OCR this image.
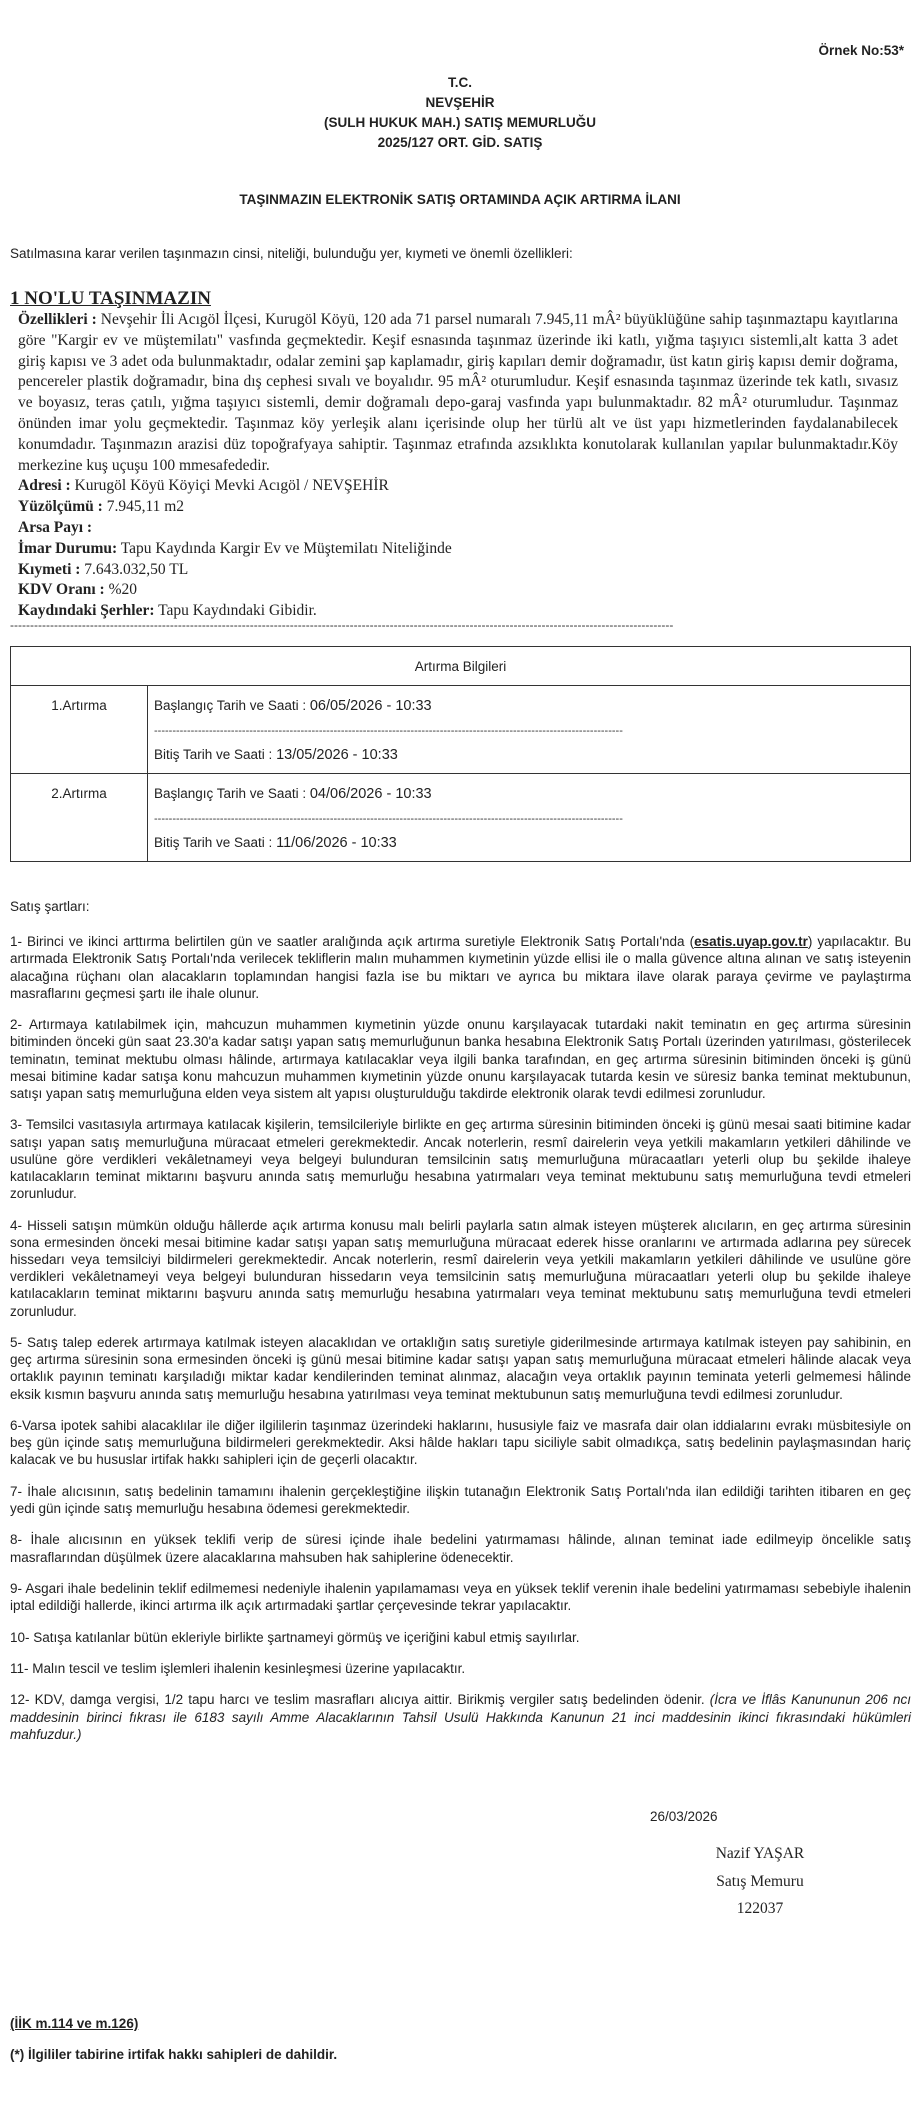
Örnek No:53*
T.C.
NEVŞEHİR
(SULH HUKUK MAH.) SATIŞ MEMURLUĞU
2025/127 ORT. GİD. SATIŞ
TAŞINMAZIN ELEKTRONİK SATIŞ ORTAMINDA AÇIK ARTIRMA İLANI
Satılmasına karar verilen taşınmazın cinsi, niteliği, bulunduğu yer, kıymeti ve önemli özellikleri:
1 NO'LU TAŞINMAZIN
Özellikleri : Nevşehir İli Acıgöl İlçesi, Kurugöl Köyü, 120 ada 71 parsel numaralı 7.945,11 mÂ² büyüklüğüne sahip taşınmaztapu kayıtlarına göre "Kargir ev ve müştemilatı" vasfında geçmektedir. Keşif esnasında taşınmaz üzerinde iki katlı, yığma taşıyıcı sistemli,alt katta 3 adet giriş kapısı ve 3 adet oda bulunmaktadır, odalar zemini şap kaplamadır, giriş kapıları demir doğramadır, üst katın giriş kapısı demir doğrama, pencereler plastik doğramadır, bina dış cephesi sıvalı ve boyalıdır. 95 mÂ² oturumludur. Keşif esnasında taşınmaz üzerinde tek katlı, sıvasız ve boyasız, teras çatılı, yığma taşıyıcı sistemli, demir doğramalı depo-garaj vasfında yapı bulunmaktadır. 82 mÂ² oturumludur. Taşınmaz önünden imar yolu geçmektedir. Taşınmaz köy yerleşik alanı içerisinde olup her türlü alt ve üst yapı hizmetlerinden faydalanabilecek konumdadır. Taşınmazın arazisi düz topoğrafyaya sahiptir. Taşınmaz etrafında azsıklıkta konutolarak kullanılan yapılar bulunmaktadır.Köy merkezine kuş uçuşu 100 mmesafededir.
Adresi : Kurugöl Köyü Köyiçi Mevki Acıgöl / NEVŞEHİR
Yüzölçümü : 7.945,11 m2
Arsa Payı :
İmar Durumu: Tapu Kaydında Kargir Ev ve Müştemilatı Niteliğinde
Kıymeti : 7.643.032,50 TL
KDV Oranı : %20
Kaydındaki Şerhler: Tapu Kaydındaki Gibidir.
----------------------------------------------------------------------------------------------------------------------------------------------------------------------
Artırma Bilgileri	
1.Artırma	Başlangıç Tarih ve Saati : 06/05/2026 - 10:33
--------------------------------------------------------------------------------------------------------------------------------
Bitiş Tarih ve Saati : 13/05/2026 - 10:33

2.Artırma	Başlangıç Tarih ve Saati : 04/06/2026 - 10:33
--------------------------------------------------------------------------------------------------------------------------------
Bitiş Tarih ve Saati : 11/06/2026 - 10:33

Satış şartları:

1- Birinci ve ikinci arttırma belirtilen gün ve saatler aralığında açık artırma suretiyle Elektronik Satış Portalı'nda (esatis.uyap.gov.tr) yapılacaktır. Bu artırmada Elektronik Satış Portalı'nda verilecek tekliflerin malın muhammen kıymetinin yüzde ellisi ile o malla güvence altına alınan ve satış isteyenin alacağına rüçhanı olan alacakların toplamından hangisi fazla ise bu miktarı ve ayrıca bu miktara ilave olarak paraya çevirme ve paylaştırma masraflarını geçmesi şartı ile ihale olunur.

2- Artırmaya katılabilmek için, mahcuzun muhammen kıymetinin yüzde onunu karşılayacak tutardaki nakit teminatın en geç artırma süresinin bitiminden önceki gün saat 23.30'a kadar satışı yapan satış memurluğunun banka hesabına Elektronik Satış Portalı üzerinden yatırılması, gösterilecek teminatın, teminat mektubu olması hâlinde, artırmaya katılacaklar veya ilgili banka tarafından, en geç artırma süresinin bitiminden önceki iş günü mesai bitimine kadar satışa konu mahcuzun muhammen kıymetinin yüzde onunu karşılayacak tutarda kesin ve süresiz banka teminat mektubunun, satışı yapan satış memurluğuna elden veya sistem alt yapısı oluşturulduğu takdirde elektronik olarak tevdi edilmesi zorunludur.

3- Temsilci vasıtasıyla artırmaya katılacak kişilerin, temsilcileriyle birlikte en geç artırma süresinin bitiminden önceki iş günü mesai saati bitimine kadar satışı yapan satış memurluğuna müracaat etmeleri gerekmektedir. Ancak noterlerin, resmî dairelerin veya yetkili makamların yetkileri dâhilinde ve usulüne göre verdikleri vekâletnameyi veya belgeyi bulunduran temsilcinin satış memurluğuna müracaatları yeterli olup bu şekilde ihaleye katılacakların teminat miktarını başvuru anında satış memurluğu hesabına yatırmaları veya teminat mektubunu satış memurluğuna tevdi etmeleri zorunludur.

4- Hisseli satışın mümkün olduğu hâllerde açık artırma konusu malı belirli paylarla satın almak isteyen müşterek alıcıların, en geç artırma süresinin sona ermesinden önceki mesai bitimine kadar satışı yapan satış memurluğuna müracaat ederek hisse oranlarını ve artırmada adlarına pey sürecek hissedarı veya temsilciyi bildirmeleri gerekmektedir. Ancak noterlerin, resmî dairelerin veya yetkili makamların yetkileri dâhilinde ve usulüne göre verdikleri vekâletnameyi veya belgeyi bulunduran hissedarın veya temsilcinin satış memurluğuna müracaatları yeterli olup bu şekilde ihaleye katılacakların teminat miktarını başvuru anında satış memurluğu hesabına yatırmaları veya teminat mektubunu satış memurluğuna tevdi etmeleri zorunludur.

5- Satış talep ederek artırmaya katılmak isteyen alacaklıdan ve ortaklığın satış suretiyle giderilmesinde artırmaya katılmak isteyen pay sahibinin, en geç artırma süresinin sona ermesinden önceki iş günü mesai bitimine kadar satışı yapan satış memurluğuna müracaat etmeleri hâlinde alacak veya ortaklık payının teminatı karşıladığı miktar kadar kendilerinden teminat alınmaz, alacağın veya ortaklık payının teminata yeterli gelmemesi hâlinde eksik kısmın başvuru anında satış memurluğu hesabına yatırılması veya teminat mektubunun satış memurluğuna tevdi edilmesi zorunludur.

6-Varsa ipotek sahibi alacaklılar ile diğer ilgililerin taşınmaz üzerindeki haklarını, hususiyle faiz ve masrafa dair olan iddialarını evrakı müsbitesiyle on beş gün içinde satış memurluğuna bildirmeleri gerekmektedir. Aksi hâlde hakları tapu siciliyle sabit olmadıkça, satış bedelinin paylaşmasından hariç kalacak ve bu hususlar irtifak hakkı sahipleri için de geçerli olacaktır.

7- İhale alıcısının, satış bedelinin tamamını ihalenin gerçekleştiğine ilişkin tutanağın Elektronik Satış Portalı'nda ilan edildiği tarihten itibaren en geç yedi gün içinde satış memurluğu hesabına ödemesi gerekmektedir.

8- İhale alıcısının en yüksek teklifi verip de süresi içinde ihale bedelini yatırmaması hâlinde, alınan teminat iade edilmeyip öncelikle satış masraflarından düşülmek üzere alacaklarına mahsuben hak sahiplerine ödenecektir.

9- Asgari ihale bedelinin teklif edilmemesi nedeniyle ihalenin yapılamaması veya en yüksek teklif verenin ihale bedelini yatırmaması sebebiyle ihalenin iptal edildiği hallerde, ikinci artırma ilk açık artırmadaki şartlar çerçevesinde tekrar yapılacaktır.

10- Satışa katılanlar bütün ekleriyle birlikte şartnameyi görmüş ve içeriğini kabul etmiş sayılırlar.

11- Malın tescil ve teslim işlemleri ihalenin kesinleşmesi üzerine yapılacaktır.

12- KDV, damga vergisi, 1/2 tapu harcı ve teslim masrafları alıcıya aittir. Birikmiş vergiler satış bedelinden ödenir. (İcra ve İflâs Kanununun 206 ncı maddesinin birinci fıkrası ile 6183 sayılı Amme Alacaklarının Tahsil Usulü Hakkında Kanunun 21 inci maddesinin ikinci fıkrasındaki hükümleri mahfuzdur.)

26/03/2026
Nazif YAŞAR
Satış Memuru
122037
(İİK m.114 ve m.126)
(*) İlgililer tabirine irtifak hakkı sahipleri de dahildir.
